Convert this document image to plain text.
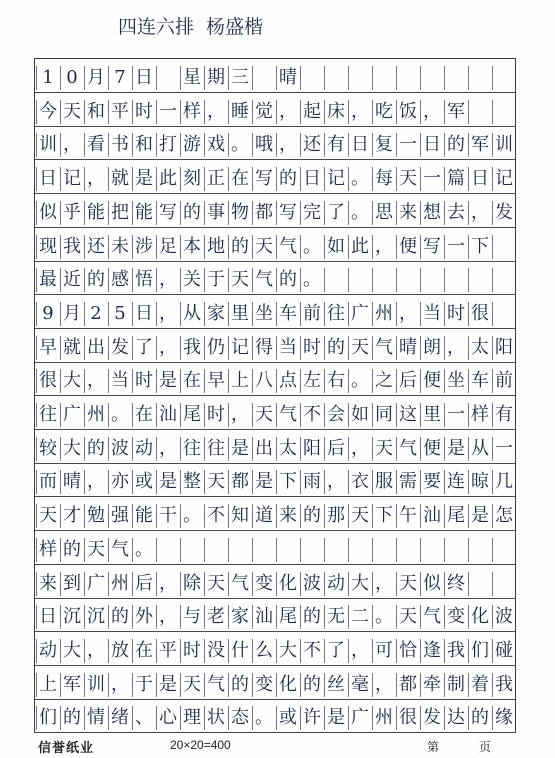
四连六排 杨盛楷
1 0 月 7 日 星 期 三 晴
今 天 和 平 时 一 样 ， 睡 觉 ， 起 床 ， 吃 饭 ， 军
训 ， 看 书 和 打 游 戏 。 哦 ， 还 有 日 复 一 日 的 军 训
日 记 ， 就 是 此 刻 正 在 写 的 日 记 。 每 天 一 篇 日 记
似 乎 能 把 能 写 的 事 物 都 写 完 了 。 思 来 想 去 ， 发
现 我 还 未 涉 足 本 地 的 天 气 。 如 此 ， 便 写 一 下
最 近 的 感 悟 ， 关 于 天 气 的 。
9 月 2 5 日 ， 从 家 里 坐 车 前 往 广 州 ， 当 时 很
早 就 出 发 了 ， 我 仍 记 得 当 时 的 天 气 晴 朗 ， 太 阳
很 大 ， 当 时 是 在 早 上 八 点 左 右 。 之 后 便 坐 车 前
往 广 州 。 在 汕 尾 时 ， 天 气 不 会 如 同 这 里 一 样 有
较 大 的 波 动 ， 往 往 是 出 太 阳 后 ， 天 气 便 是 从 一
而 晴 ， 亦 或 是 整 天 都 是 下 雨 ， 衣 服 需 要 连 晾 几
天 才 勉 强 能 干 。 不 知 道 来 的 那 天 下 午 汕 尾 是 怎
样 的 天 气 。
来 到 广 州 后 ， 除 天 气 变 化 波 动 大 ， 天 似 终
日 沉 沉 的 外 ， 与 老 家 汕 尾 的 无 二 。 天 气 变 化 波
动 大 ， 放 在 平 时 没 什 么 大 不 了 ， 可 恰 逢 我 们 碰
上 军 训 ， 于 是 天 气 的 变 化 的 丝 毫 ， 都 牵 制 着 我
们 的 情 绪 、 心 理 状 态 。 或 许 是 广 州 很 发 达 的 缘
信誉纸业	20×20=400	第	页
